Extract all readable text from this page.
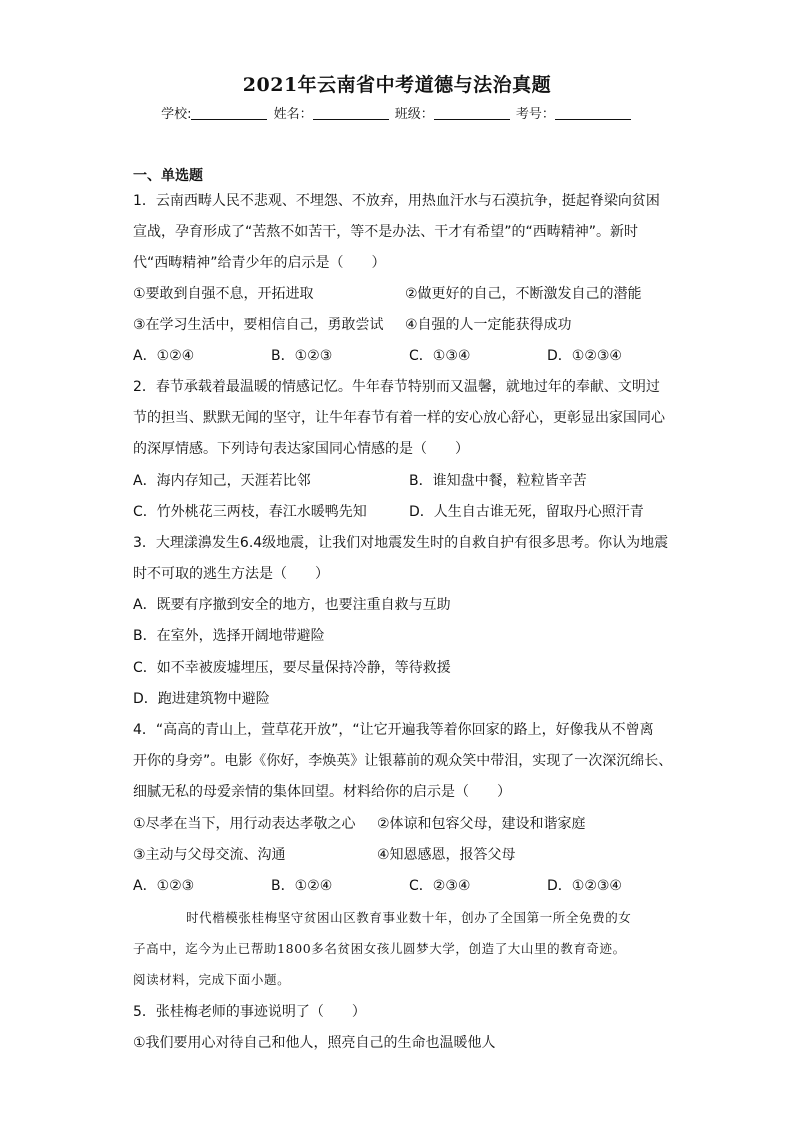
2021年云南省中考道德与法治真题
学校:	姓名：	班级：	考号：
一、单选题
1．云南西畴人民不悲观、不埋怨、不放弃，用热血汗水与石漠抗争，挺起脊梁向贫困
宣战，孕育形成了“苦熬不如苦干，等不是办法、干才有希望”的“西畴精神”。新时
代“西畴精神”给青少年的启示是（　　）
①要敢到自强不息，开拓进取	②做更好的自己，不断激发自己的潜能
③在学习生活中，要相信自己，勇敢尝试 ④自强的人一定能获得成功
A．①②④	B．①②③	C．①③④	D．①②③④
2．春节承载着最温暖的情感记忆。牛年春节特别而又温馨，就地过年的奉献、文明过
节的担当、默默无闻的坚守，让牛年春节有着一样的安心放心舒心，更彰显出家国同心
的深厚情感。下列诗句表达家国同心情感的是（　　）
A．海内存知己，天涯若比邻	B．谁知盘中餐，粒粒皆辛苦
C．竹外桃花三两枝，春江水暖鸭先知	D．人生自古谁无死，留取丹心照汗青
3．大理漾濞发生6.4级地震，让我们对地震发生时的自救自护有很多思考。你认为地震
时不可取的逃生方法是（　　）
A．既要有序撤到安全的地方，也要注重自救与互助
B．在室外，选择开阔地带避险
C．如不幸被废墟埋压，要尽量保持冷静，等待救援
D．跑进建筑物中避险
4．“高高的青山上，萱草花开放”，“让它开遍我等着你回家的路上，好像我从不曾离
开你的身旁”。电影《你好，李焕英》让银幕前的观众笑中带泪，实现了一次深沉绵长、
细腻无私的母爱亲情的集体回望。材料给你的启示是（　　）
①尽孝在当下，用行动表达孝敬之心 ②体谅和包容父母，建设和谐家庭
③主动与父母交流、沟通	④知恩感恩，报答父母
A．①②③	B．①②④	C．②③④	D．①②③④
时代楷模张桂梅坚守贫困山区教育事业数十年，创办了全国第一所全免费的女
子高中，迄今为止已帮助1800多名贫困女孩儿圆梦大学，创造了大山里的教育奇迹。
阅读材料，完成下面小题。
5．张桂梅老师的事迹说明了（　　）
①我们要用心对待自己和他人，照亮自己的生命也温暖他人
